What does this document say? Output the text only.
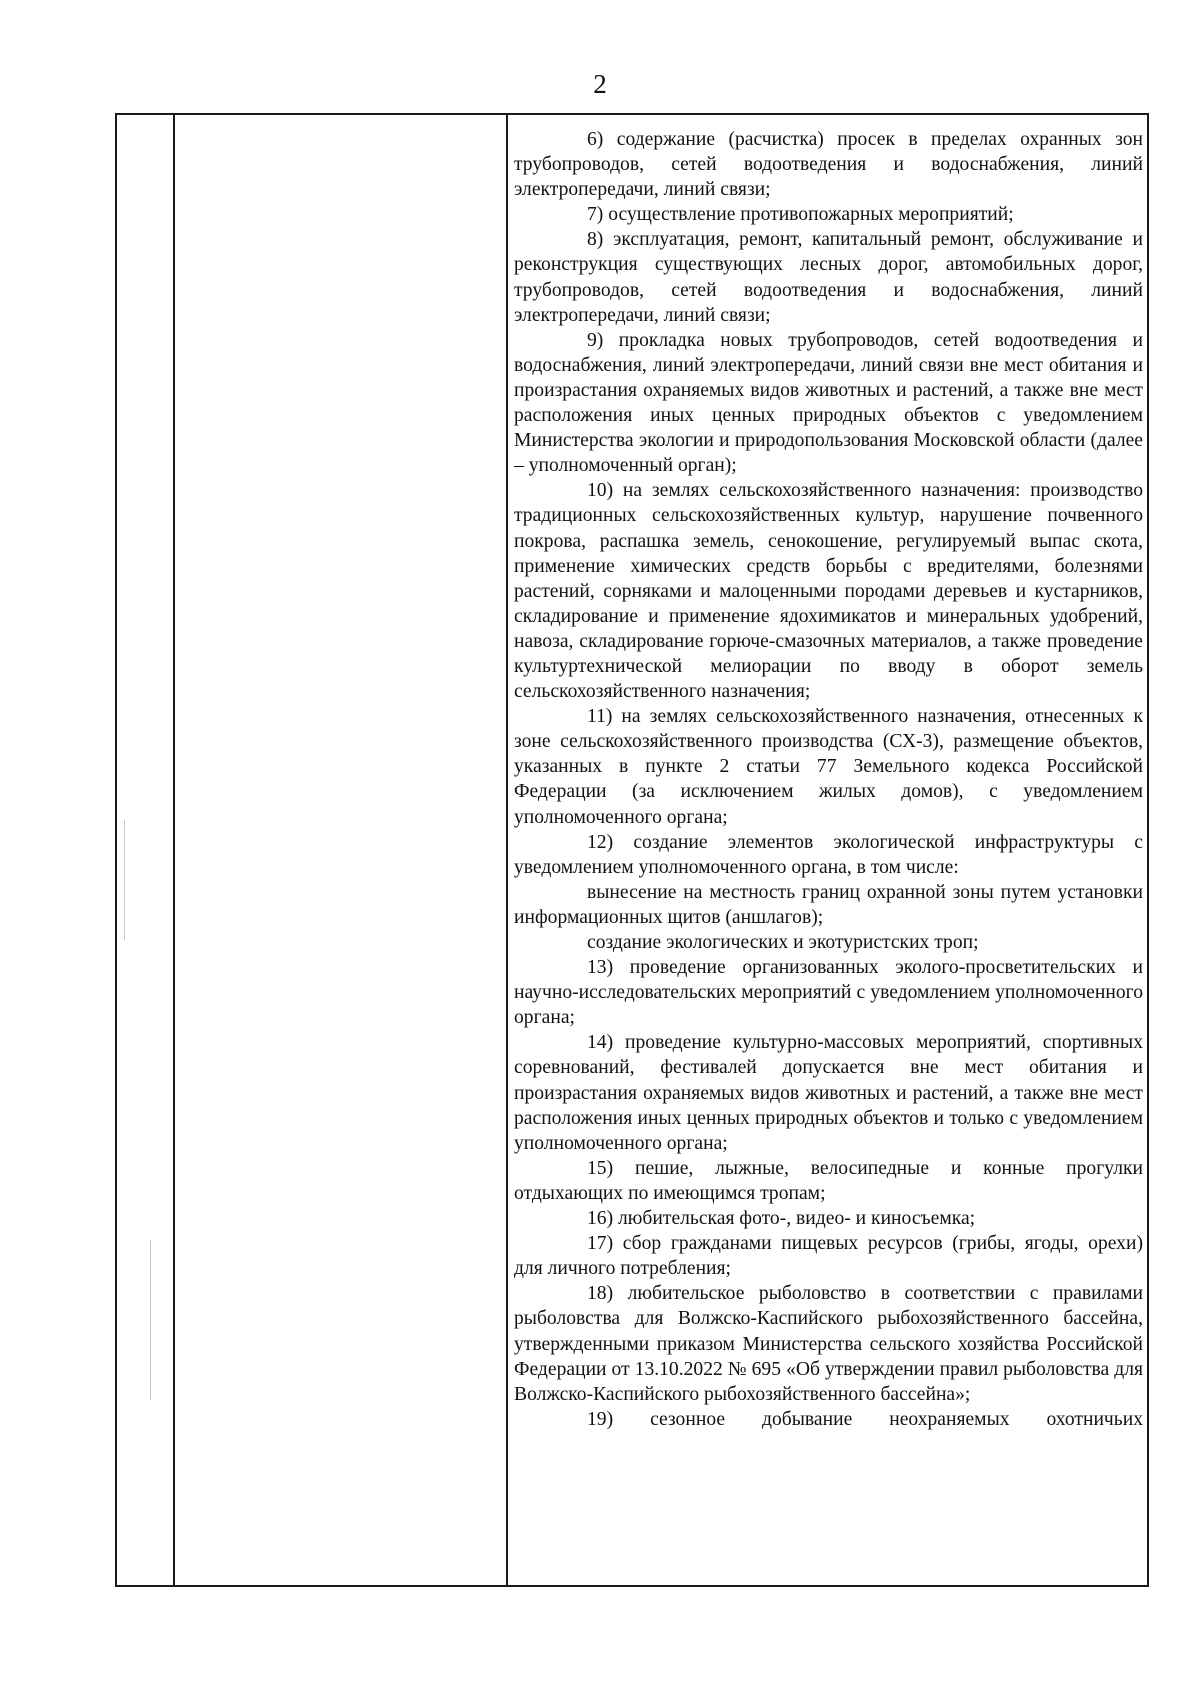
2

6) содержание (расчистка) просек в пределах охранных зон трубопроводов, сетей водоотведения и водоснабжения, линий электропередачи, линий связи;

7) осуществление противопожарных мероприятий;

8) эксплуатация, ремонт, капитальный ремонт, обслуживание и реконструкция существующих лесных дорог, автомобильных дорог, трубопроводов, сетей водоотведения и водоснабжения, линий электропередачи, линий связи;

9) прокладка новых трубопроводов, сетей водоотведения и водоснабжения, линий электропередачи, линий связи вне мест обитания и произрастания охраняемых видов животных и растений, а также вне мест расположения иных ценных природных объектов с уведомлением Министерства экологии и природопользования Московской области (далее – уполномоченный орган);

10) на землях сельскохозяйственного назначения: производство традиционных сельскохозяйственных культур, нарушение почвенного покрова, распашка земель, сенокошение, регулируемый выпас скота, применение химических средств борьбы с вредителями, болезнями растений, сорняками и малоценными породами деревьев и кустарников, складирование и применение ядохимикатов и минеральных удобрений, навоза, складирование горюче-смазочных материалов, а также проведение культуртехнической мелиорации по вводу в оборот земель сельскохозяйственного назначения;

11) на землях сельскохозяйственного назначения, отнесенных к зоне сельскохозяйственного производства (СХ-3), размещение объектов, указанных в пункте 2 статьи 77 Земельного кодекса Российской Федерации (за исключением жилых домов), с уведомлением уполномоченного органа;

12) создание элементов экологической инфраструктуры с уведомлением уполномоченного органа, в том числе:

вынесение на местность границ охранной зоны путем установки информационных щитов (аншлагов);

создание экологических и экотуристских троп;

13) проведение организованных эколого-просветительских и научно-исследовательских мероприятий с уведомлением уполномоченного органа;

14) проведение культурно-массовых мероприятий, спортивных соревнований, фестивалей допускается вне мест обитания и произрастания охраняемых видов животных и растений, а также вне мест расположения иных ценных природных объектов и только с уведомлением уполномоченного органа;

15) пешие, лыжные, велосипедные и конные прогулки отдыхающих по имеющимся тропам;

16) любительская фото-, видео- и киносъемка;

17) сбор гражданами пищевых ресурсов (грибы, ягоды, орехи) для личного потребления;

18) любительское рыболовство в соответствии с правилами рыболовства для Волжско-Каспийского рыбохозяйственного бассейна, утвержденными приказом Министерства сельского хозяйства Российской Федерации от 13.10.2022 № 695 «Об утверждении правил рыболовства для Волжско-Каспийского рыбохозяйственного бассейна»;

19) сезонное добывание неохраняемых охотничьих
